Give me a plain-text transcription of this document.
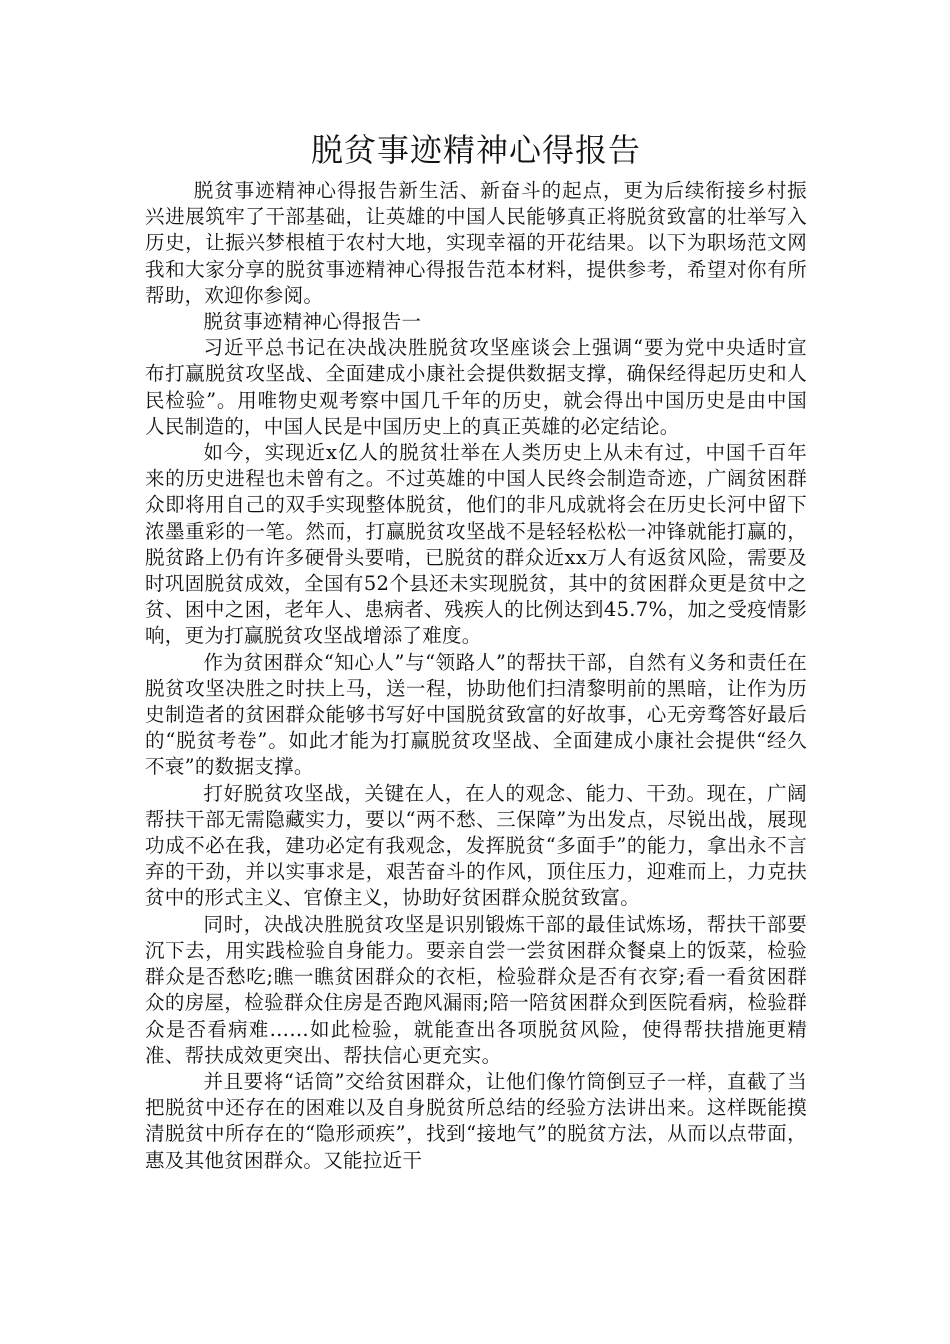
脱贫事迹精神心得报告

脱贫事迹精神心得报告新生活、新奋斗的起点，更为后续衔接乡村振兴进展筑牢了干部基础，让英雄的中国人民能够真正将脱贫致富的壮举写入历史，让振兴梦根植于农村大地，实现幸福的开花结果。以下为职场范文网我和大家分享的脱贫事迹精神心得报告范本材料，提供参考，希望对你有所帮助，欢迎你参阅。

脱贫事迹精神心得报告一

习近平总书记在决战决胜脱贫攻坚座谈会上强调“要为党中央适时宣布打赢脱贫攻坚战、全面建成小康社会提供数据支撑，确保经得起历史和人民检验”。用唯物史观考察中国几千年的历史，就会得出中国历史是由中国人民制造的，中国人民是中国历史上的真正英雄的必定结论。

如今，实现近x亿人的脱贫壮举在人类历史上从未有过，中国千百年来的历史进程也未曾有之。不过英雄的中国人民终会制造奇迹，广阔贫困群众即将用自己的双手实现整体脱贫，他们的非凡成就将会在历史长河中留下浓墨重彩的一笔。然而，打赢脱贫攻坚战不是轻轻松松一冲锋就能打赢的，脱贫路上仍有许多硬骨头要啃，已脱贫的群众近xx万人有返贫风险，需要及时巩固脱贫成效，全国有52个县还未实现脱贫，其中的贫困群众更是贫中之贫、困中之困，老年人、患病者、残疾人的比例达到45.7%，加之受疫情影响，更为打赢脱贫攻坚战增添了难度。

作为贫困群众“知心人”与“领路人”的帮扶干部，自然有义务和责任在脱贫攻坚决胜之时扶上马，送一程，协助他们扫清黎明前的黑暗，让作为历史制造者的贫困群众能够书写好中国脱贫致富的好故事，心无旁骛答好最后的“脱贫考卷”。如此才能为打赢脱贫攻坚战、全面建成小康社会提供“经久不衰”的数据支撑。

打好脱贫攻坚战，关键在人，在人的观念、能力、干劲。现在，广阔帮扶干部无需隐藏实力，要以“两不愁、三保障”为出发点，尽锐出战，展现功成不必在我，建功必定有我观念，发挥脱贫“多面手”的能力，拿出永不言弃的干劲，并以实事求是，艰苦奋斗的作风，顶住压力，迎难而上，力克扶贫中的形式主义、官僚主义，协助好贫困群众脱贫致富。

同时，决战决胜脱贫攻坚是识别锻炼干部的最佳试炼场，帮扶干部要沉下去，用实践检验自身能力。要亲自尝一尝贫困群众餐桌上的饭菜，检验群众是否愁吃;瞧一瞧贫困群众的衣柜，检验群众是否有衣穿;看一看贫困群众的房屋，检验群众住房是否跑风漏雨;陪一陪贫困群众到医院看病，检验群众是否看病难……如此检验，就能查出各项脱贫风险，使得帮扶措施更精准、帮扶成效更突出、帮扶信心更充实。

并且要将“话筒”交给贫困群众，让他们像竹筒倒豆子一样，直截了当把脱贫中还存在的困难以及自身脱贫所总结的经验方法讲出来。这样既能摸清脱贫中所存在的“隐形顽疾”，找到“接地气”的脱贫方法，从而以点带面，惠及其他贫困群众。又能拉近干
